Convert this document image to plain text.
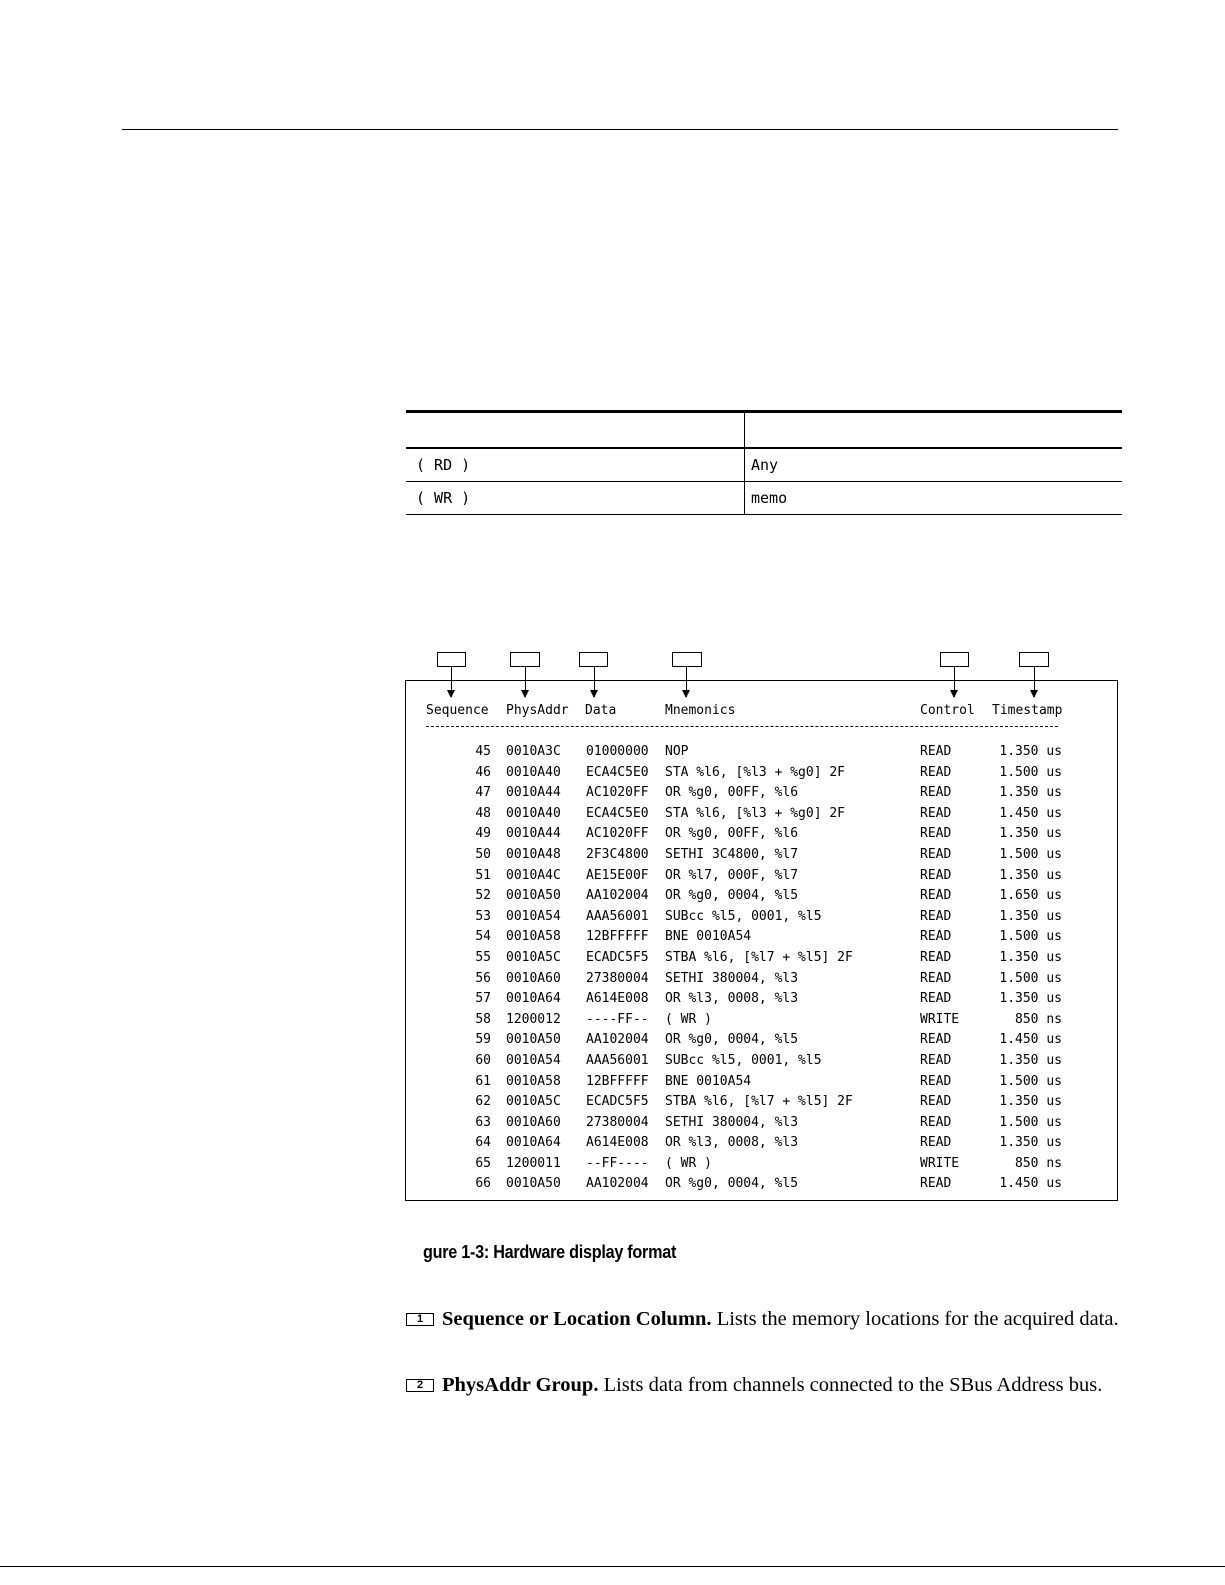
( RD )	Any
( WR )	memo
Sequence PhysAddr Data	Mnemonics	Control Timestamp
45 0010A3C 01000000 NOP	READ	1.350 us
46 0010A40 ECA4C5E0 STA %l6, [%l3 + %g0] 2F	READ	1.500 us
47 0010A44 AC1020FF OR %g0, 00FF, %l6	READ	1.350 us
48 0010A40 ECA4C5E0 STA %l6, [%l3 + %g0] 2F	READ	1.450 us
49 0010A44 AC1020FF OR %g0, 00FF, %l6	READ	1.350 us
50 0010A48 2F3C4800 SETHI 3C4800, %l7	READ	1.500 us
51 0010A4C AE15E00F OR %l7, 000F, %l7	READ	1.350 us
52 0010A50 AA102004 OR %g0, 0004, %l5	READ	1.650 us
53 0010A54 AAA56001 SUBcc %l5, 0001, %l5	READ	1.350 us
54 0010A58 12BFFFFF BNE 0010A54	READ	1.500 us
55 0010A5C ECADC5F5 STBA %l6, [%l7 + %l5] 2F	READ	1.350 us
56 0010A60 27380004 SETHI 380004, %l3	READ	1.500 us
57 0010A64 A614E008 OR %l3, 0008, %l3	READ	1.350 us
58 1200012 ----FF-- ( WR )	WRITE	850 ns
59 0010A50 AA102004 OR %g0, 0004, %l5	READ	1.450 us
60 0010A54 AAA56001 SUBcc %l5, 0001, %l5	READ	1.350 us
61 0010A58 12BFFFFF BNE 0010A54	READ	1.500 us
62 0010A5C ECADC5F5 STBA %l6, [%l7 + %l5] 2F	READ	1.350 us
63 0010A60 27380004 SETHI 380004, %l3	READ	1.500 us
64 0010A64 A614E008 OR %l3, 0008, %l3	READ	1.350 us
65 1200011 --FF---- ( WR )	WRITE	850 ns
66 0010A50 AA102004 OR %g0, 0004, %l5	READ	1.450 us
gure 1-3: Hardware display format
1 Sequence or Location Column. Lists the memory locations for the acquired data.
2 PhysAddr Group. Lists data from channels connected to the SBus Address bus.
